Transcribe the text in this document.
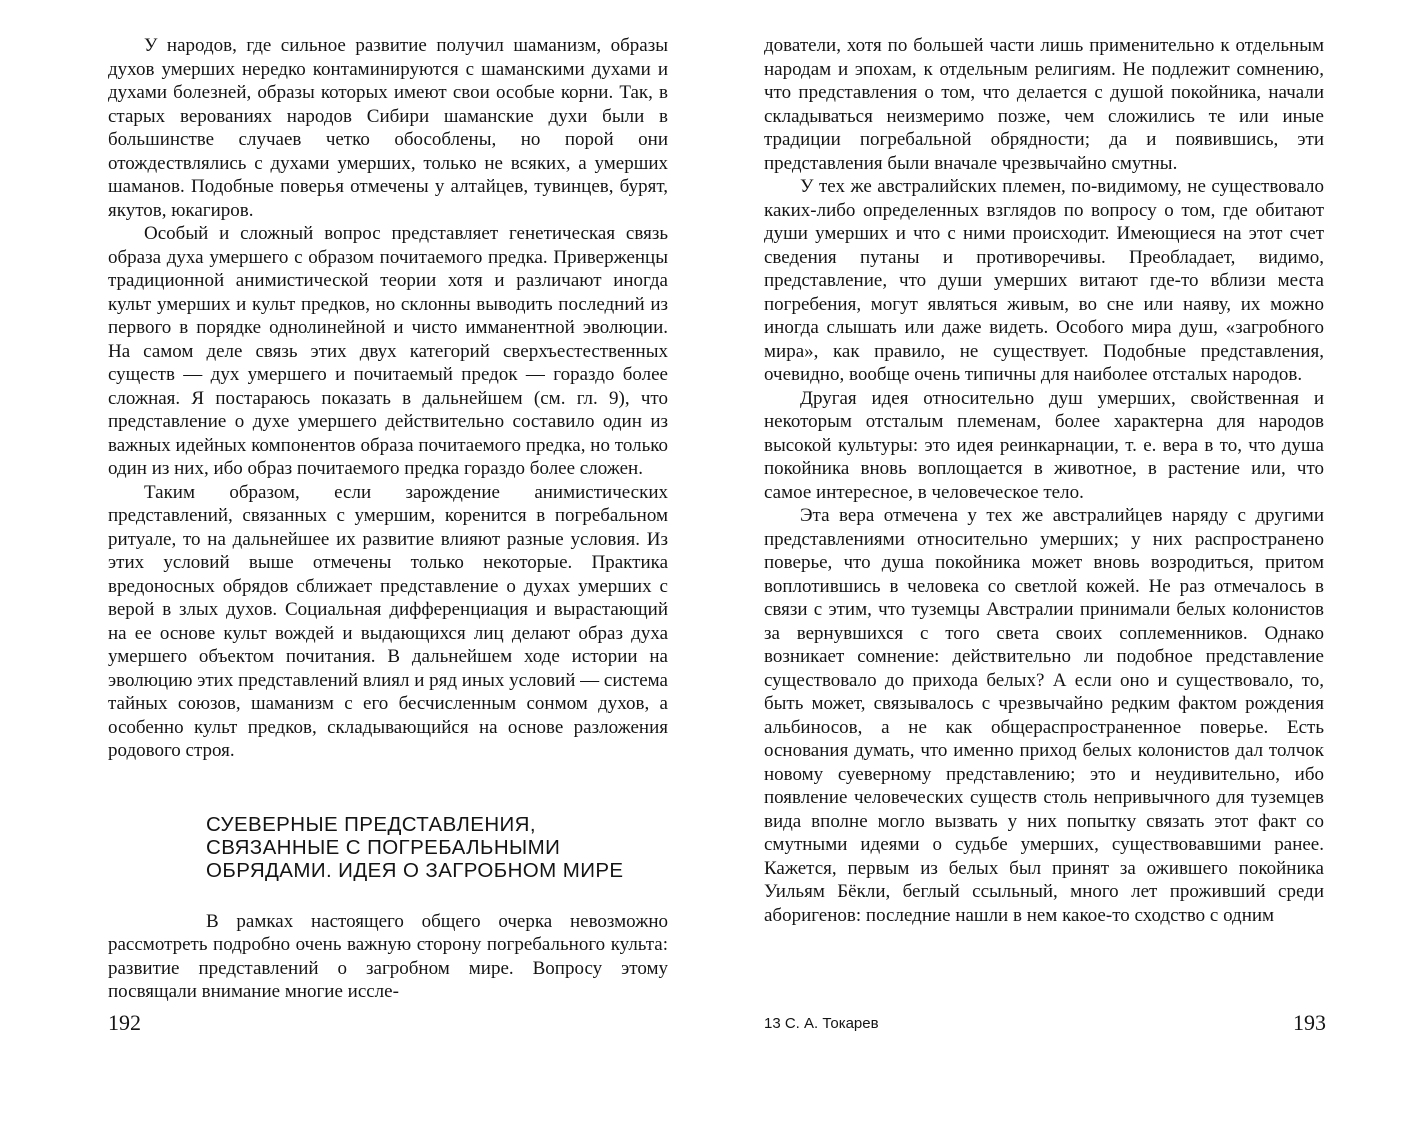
У народов, где сильное развитие получил шаманизм, образы духов умерших нередко контаминируются с шаманскими духами и духами болезней, образы которых имеют свои особые корни. Так, в старых верованиях народов Сибири шаманские духи были в большинстве случаев четко обособлены, но порой они отождествлялись с духами умерших, только не всяких, а умерших шаманов. Подобные поверья отмечены у алтайцев, тувинцев, бурят, якутов, юкагиров.

Особый и сложный вопрос представляет генетическая связь образа духа умершего с образом почитаемого предка. Приверженцы традиционной анимистической теории хотя и различают иногда культ умерших и культ предков, но склонны выводить последний из первого в порядке однолинейной и чисто имманентной эволюции. На самом деле связь этих двух категорий сверхъестественных существ — дух умершего и почитаемый предок — гораздо более сложная. Я постараюсь показать в дальнейшем (см. гл. 9), что представление о духе умершего действительно составило один из важных идейных компонентов образа почитаемого предка, но только один из них, ибо образ почитаемого предка гораздо более сложен.

Таким образом, если зарождение анимистических представлений, связанных с умершим, коренится в погребальном ритуале, то на дальнейшее их развитие влияют разные условия. Из этих условий выше отмечены только некоторые. Практика вредоносных обрядов сближает представление о духах умерших с верой в злых духов. Социальная дифференциация и вырастающий на ее основе культ вождей и выдающихся лиц делают образ духа умершего объектом почитания. В дальнейшем ходе истории на эволюцию этих представлений влиял и ряд иных условий — система тайных союзов, шаманизм с его бесчисленным сонмом духов, а особенно культ предков, складывающийся на основе разложения родового строя.

СУЕВЕРНЫЕ ПРЕДСТАВЛЕНИЯ,
СВЯЗАННЫЕ С ПОГРЕБАЛЬНЫМИ
ОБРЯДАМИ. ИДЕЯ О ЗАГРОБНОМ МИРЕ

В рамках настоящего общего очерка невозможно рассмотреть подробно очень важную сторону погребального культа: развитие представлений о загробном мире. Вопросу этому посвящали внимание многие иссле-

192

дователи, хотя по большей части лишь применительно к отдельным народам и эпохам, к отдельным религиям. Не подлежит сомнению, что представления о том, что делается с душой покойника, начали складываться неизмеримо позже, чем сложились те или иные традиции погребальной обрядности; да и появившись, эти представления были вначале чрезвычайно смутны.

У тех же австралийских племен, по-видимому, не существовало каких-либо определенных взглядов по вопросу о том, где обитают души умерших и что с ними происходит. Имеющиеся на этот счет сведения путаны и противоречивы. Преобладает, видимо, представление, что души умерших витают где-то вблизи места погребения, могут являться живым, во сне или наяву, их можно иногда слышать или даже видеть. Особого мира душ, «загробного мира», как правило, не существует. Подобные представления, очевидно, вообще очень типичны для наиболее отсталых народов.

Другая идея относительно душ умерших, свойственная и некоторым отсталым племенам, более характерна для народов высокой культуры: это идея реинкарнации, т. е. вера в то, что душа покойника вновь воплощается в животное, в растение или, что самое интересное, в человеческое тело.

Эта вера отмечена у тех же австралийцев наряду с другими представлениями относительно умерших; у них распространено поверье, что душа покойника может вновь возродиться, притом воплотившись в человека со светлой кожей. Не раз отмечалось в связи с этим, что туземцы Австралии принимали белых колонистов за вернувшихся с того света своих соплеменников. Однако возникает сомнение: действительно ли подобное представление существовало до прихода белых? А если оно и существовало, то, быть может, связывалось с чрезвычайно редким фактом рождения альбиносов, а не как общераспространенное поверье. Есть основания думать, что именно приход белых колонистов дал толчок новому суеверному представлению; это и неудивительно, ибо появление человеческих существ столь непривычного для туземцев вида вполне могло вызвать у них попытку связать этот факт со смутными идеями о судьбе умерших, существовавшими ранее. Кажется, первым из белых был принят за ожившего покойника Уильям Бёкли, беглый ссыльный, много лет проживший среди аборигенов: последние нашли в нем какое-то сходство с одним

13 С. А. Токарев	193
